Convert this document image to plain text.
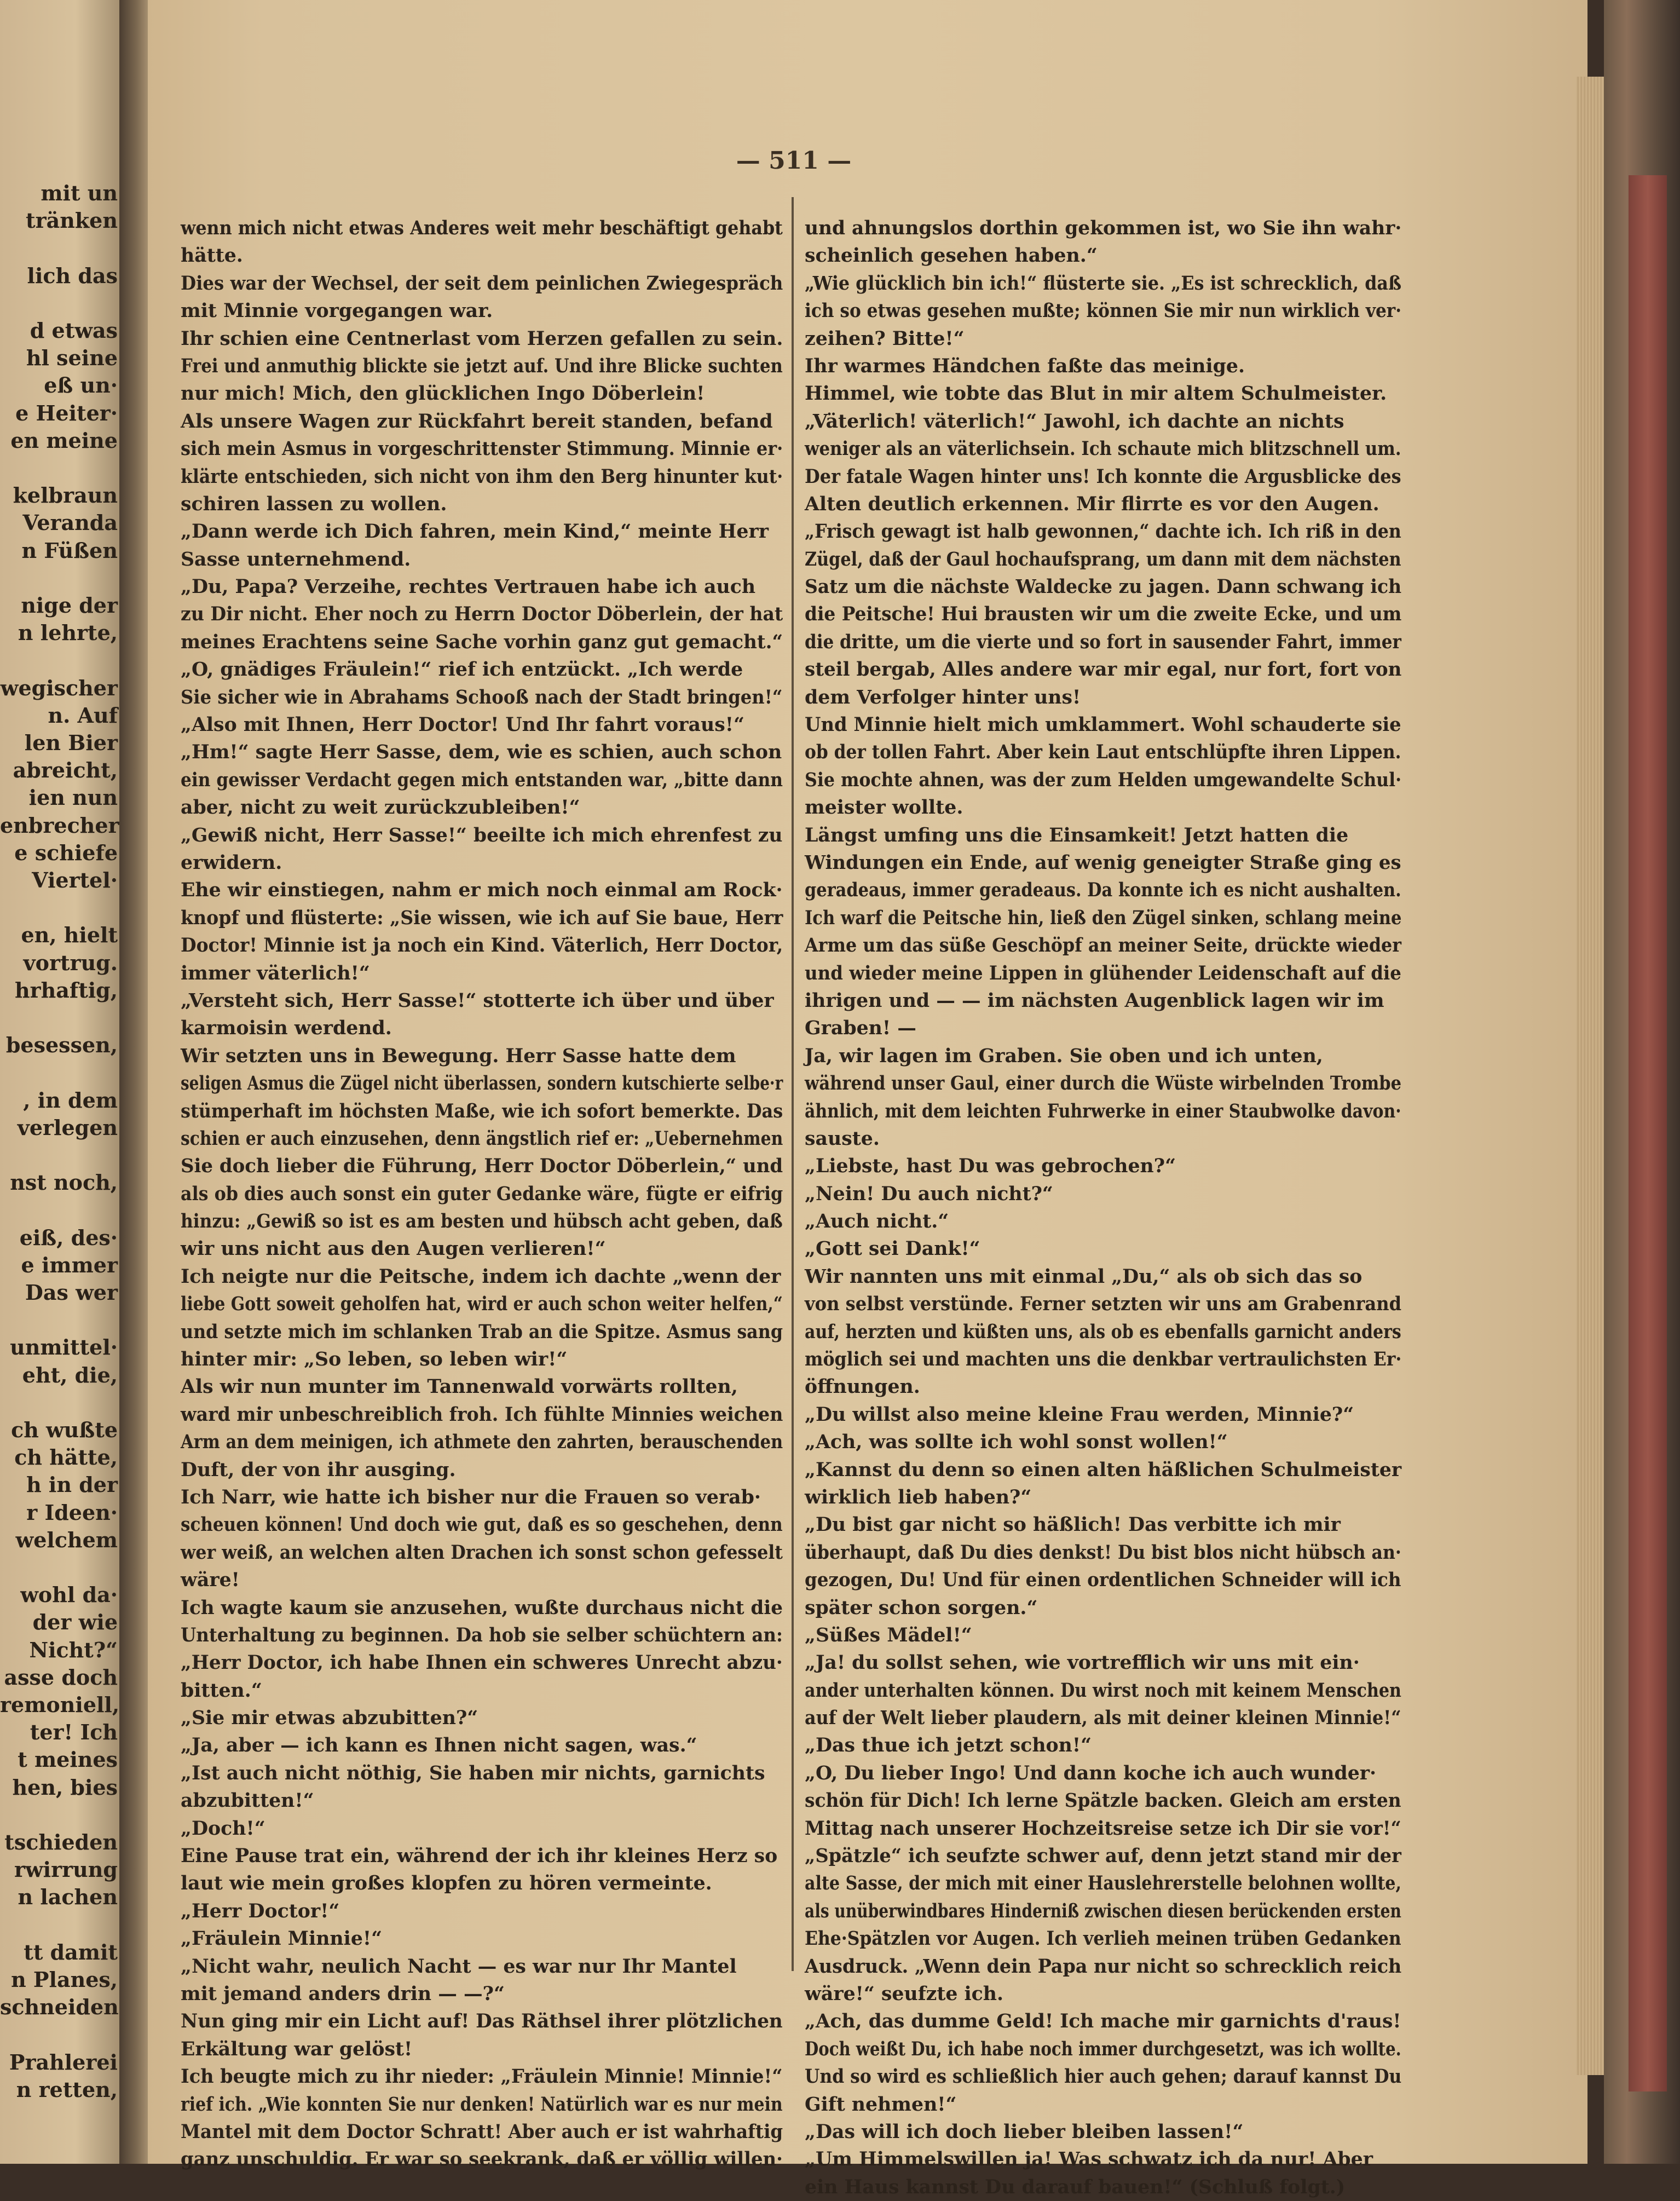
mit un
tränken
lich das
d etwas
hl seine
eß un·
e Heiter·
en meine
kelbraun
Veranda
n Füßen
nige der
n lehrte,
wegischer
n. Auf
len Bier
abreicht,
ien nun
enbrecher
e schiefe
Viertel·
en, hielt
vortrug.
hrhaftig,
besessen,
, in dem
verlegen
nst noch,
eiß, des·
e immer
Das wer
unmittel·
eht, die,
ch wußte
ch hätte,
h in der
r Ideen·
welchem
wohl da·
der wie
Nicht?“
asse doch
remoniell,
ter! Ich
t meines
hen, bies
tschieden
rwirrung
n lachen
tt damit
n Planes,
schneiden
Prahlerei
n retten,
— 511 —
wenn mich nicht etwas Anderes weit mehr beschäftigt gehabt
hätte.
Dies war der Wechsel, der seit dem peinlichen Zwiegespräch
mit Minnie vorgegangen war.
Ihr schien eine Centnerlast vom Herzen gefallen zu sein.
Frei und anmuthig blickte sie jetzt auf. Und ihre Blicke suchten
nur mich! Mich, den glücklichen Ingo Döberlein!
Als unsere Wagen zur Rückfahrt bereit standen, befand
sich mein Asmus in vorgeschrittenster Stimmung. Minnie er·
klärte entschieden, sich nicht von ihm den Berg hinunter kut·
schiren lassen zu wollen.
„Dann werde ich Dich fahren, mein Kind,“ meinte Herr
Sasse unternehmend.
„Du, Papa? Verzeihe, rechtes Vertrauen habe ich auch
zu Dir nicht. Eher noch zu Herrn Doctor Döberlein, der hat
meines Erachtens seine Sache vorhin ganz gut gemacht.“
„O, gnädiges Fräulein!“ rief ich entzückt. „Ich werde
Sie sicher wie in Abrahams Schooß nach der Stadt bringen!“
„Also mit Ihnen, Herr Doctor! Und Ihr fahrt voraus!“
„Hm!“ sagte Herr Sasse, dem, wie es schien, auch schon
ein gewisser Verdacht gegen mich entstanden war, „bitte dann
aber, nicht zu weit zurückzubleiben!“
„Gewiß nicht, Herr Sasse!“ beeilte ich mich ehrenfest zu
erwidern.
Ehe wir einstiegen, nahm er mich noch einmal am Rock·
knopf und flüsterte: „Sie wissen, wie ich auf Sie baue, Herr
Doctor! Minnie ist ja noch ein Kind. Väterlich, Herr Doctor,
immer väterlich!“
„Versteht sich, Herr Sasse!“ stotterte ich über und über
karmoisin werdend.
Wir setzten uns in Bewegung. Herr Sasse hatte dem
seligen Asmus die Zügel nicht überlassen, sondern kutschierte selbe·r
stümperhaft im höchsten Maße, wie ich sofort bemerkte. Das
schien er auch einzusehen, denn ängstlich rief er: „Uebernehmen
Sie doch lieber die Führung, Herr Doctor Döberlein,“ und
als ob dies auch sonst ein guter Gedanke wäre, fügte er eifrig
hinzu: „Gewiß so ist es am besten und hübsch acht geben, daß
wir uns nicht aus den Augen verlieren!“
Ich neigte nur die Peitsche, indem ich dachte „wenn der
liebe Gott soweit geholfen hat, wird er auch schon weiter helfen,“
und setzte mich im schlanken Trab an die Spitze. Asmus sang
hinter mir: „So leben, so leben wir!“
Als wir nun munter im Tannenwald vorwärts rollten,
ward mir unbeschreiblich froh. Ich fühlte Minnies weichen
Arm an dem meinigen, ich athmete den zahrten, berauschenden
Duft, der von ihr ausging.
Ich Narr, wie hatte ich bisher nur die Frauen so verab·
scheuen können! Und doch wie gut, daß es so geschehen, denn
wer weiß, an welchen alten Drachen ich sonst schon gefesselt
wäre!
Ich wagte kaum sie anzusehen, wußte durchaus nicht die
Unterhaltung zu beginnen. Da hob sie selber schüchtern an:
„Herr Doctor, ich habe Ihnen ein schweres Unrecht abzu·
bitten.“
„Sie mir etwas abzubitten?“
„Ja, aber — ich kann es Ihnen nicht sagen, was.“
„Ist auch nicht nöthig, Sie haben mir nichts, garnichts
abzubitten!“
„Doch!“
Eine Pause trat ein, während der ich ihr kleines Herz so
laut wie mein großes klopfen zu hören vermeinte.
„Herr Doctor!“
„Fräulein Minnie!“
„Nicht wahr, neulich Nacht — es war nur Ihr Mantel
mit jemand anders drin — —?“
Nun ging mir ein Licht auf! Das Räthsel ihrer plötzlichen
Erkältung war gelöst!
Ich beugte mich zu ihr nieder: „Fräulein Minnie! Minnie!“
rief ich. „Wie konnten Sie nur denken! Natürlich war es nur mein
Mantel mit dem Doctor Schratt! Aber auch er ist wahrhaftig
ganz unschuldig. Er war so seekrank, daß er völlig willen·
und ahnungslos dorthin gekommen ist, wo Sie ihn wahr·
scheinlich gesehen haben.“
„Wie glücklich bin ich!“ flüsterte sie. „Es ist schrecklich, daß
ich so etwas gesehen mußte; können Sie mir nun wirklich ver·
zeihen? Bitte!“
Ihr warmes Händchen faßte das meinige.
Himmel, wie tobte das Blut in mir altem Schulmeister.
„Väterlich! väterlich!“ Jawohl, ich dachte an nichts
weniger als an väterlichsein. Ich schaute mich blitzschnell um.
Der fatale Wagen hinter uns! Ich konnte die Argusblicke des
Alten deutlich erkennen. Mir flirrte es vor den Augen.
„Frisch gewagt ist halb gewonnen,“ dachte ich. Ich riß in den
Zügel, daß der Gaul hochaufsprang, um dann mit dem nächsten
Satz um die nächste Waldecke zu jagen. Dann schwang ich
die Peitsche! Hui brausten wir um die zweite Ecke, und um
die dritte, um die vierte und so fort in sausender Fahrt, immer
steil bergab, Alles andere war mir egal, nur fort, fort von
dem Verfolger hinter uns!
Und Minnie hielt mich umklammert. Wohl schauderte sie
ob der tollen Fahrt. Aber kein Laut entschlüpfte ihren Lippen.
Sie mochte ahnen, was der zum Helden umgewandelte Schul·
meister wollte.
Längst umfing uns die Einsamkeit! Jetzt hatten die
Windungen ein Ende, auf wenig geneigter Straße ging es
geradeaus, immer geradeaus. Da konnte ich es nicht aushalten.
Ich warf die Peitsche hin, ließ den Zügel sinken, schlang meine
Arme um das süße Geschöpf an meiner Seite, drückte wieder
und wieder meine Lippen in glühender Leidenschaft auf die
ihrigen und — — im nächsten Augenblick lagen wir im
Graben! —
Ja, wir lagen im Graben. Sie oben und ich unten,
während unser Gaul, einer durch die Wüste wirbelnden Trombe
ähnlich, mit dem leichten Fuhrwerke in einer Staubwolke davon·
sauste.
„Liebste, hast Du was gebrochen?“
„Nein! Du auch nicht?“
„Auch nicht.“
„Gott sei Dank!“
Wir nannten uns mit einmal „Du,“ als ob sich das so
von selbst verstünde. Ferner setzten wir uns am Grabenrand
auf, herzten und küßten uns, als ob es ebenfalls garnicht anders
möglich sei und machten uns die denkbar vertraulichsten Er·
öffnungen.
„Du willst also meine kleine Frau werden, Minnie?“
„Ach, was sollte ich wohl sonst wollen!“
„Kannst du denn so einen alten häßlichen Schulmeister
wirklich lieb haben?“
„Du bist gar nicht so häßlich! Das verbitte ich mir
überhaupt, daß Du dies denkst! Du bist blos nicht hübsch an·
gezogen, Du! Und für einen ordentlichen Schneider will ich
später schon sorgen.“
„Süßes Mädel!“
„Ja! du sollst sehen, wie vortrefflich wir uns mit ein·
ander unterhalten können. Du wirst noch mit keinem Menschen
auf der Welt lieber plaudern, als mit deiner kleinen Minnie!“
„Das thue ich jetzt schon!“
„O, Du lieber Ingo! Und dann koche ich auch wunder·
schön für Dich! Ich lerne Spätzle backen. Gleich am ersten
Mittag nach unserer Hochzeitsreise setze ich Dir sie vor!“
„Spätzle“ ich seufzte schwer auf, denn jetzt stand mir der
alte Sasse, der mich mit einer Hauslehrerstelle belohnen wollte,
als unüberwindbares Hinderniß zwischen diesen berückenden ersten
Ehe·Spätzlen vor Augen. Ich verlieh meinen trüben Gedanken
Ausdruck. „Wenn dein Papa nur nicht so schrecklich reich
wäre!“ seufzte ich.
„Ach, das dumme Geld! Ich mache mir garnichts d'raus!
Doch weißt Du, ich habe noch immer durchgesetzt, was ich wollte.
Und so wird es schließlich hier auch gehen; darauf kannst Du
Gift nehmen!“
„Das will ich doch lieber bleiben lassen!“
„Um Himmelswillen ja! Was schwatz ich da nur! Aber
ein Haus kannst Du darauf bauen!“ (Schluß folgt.)
